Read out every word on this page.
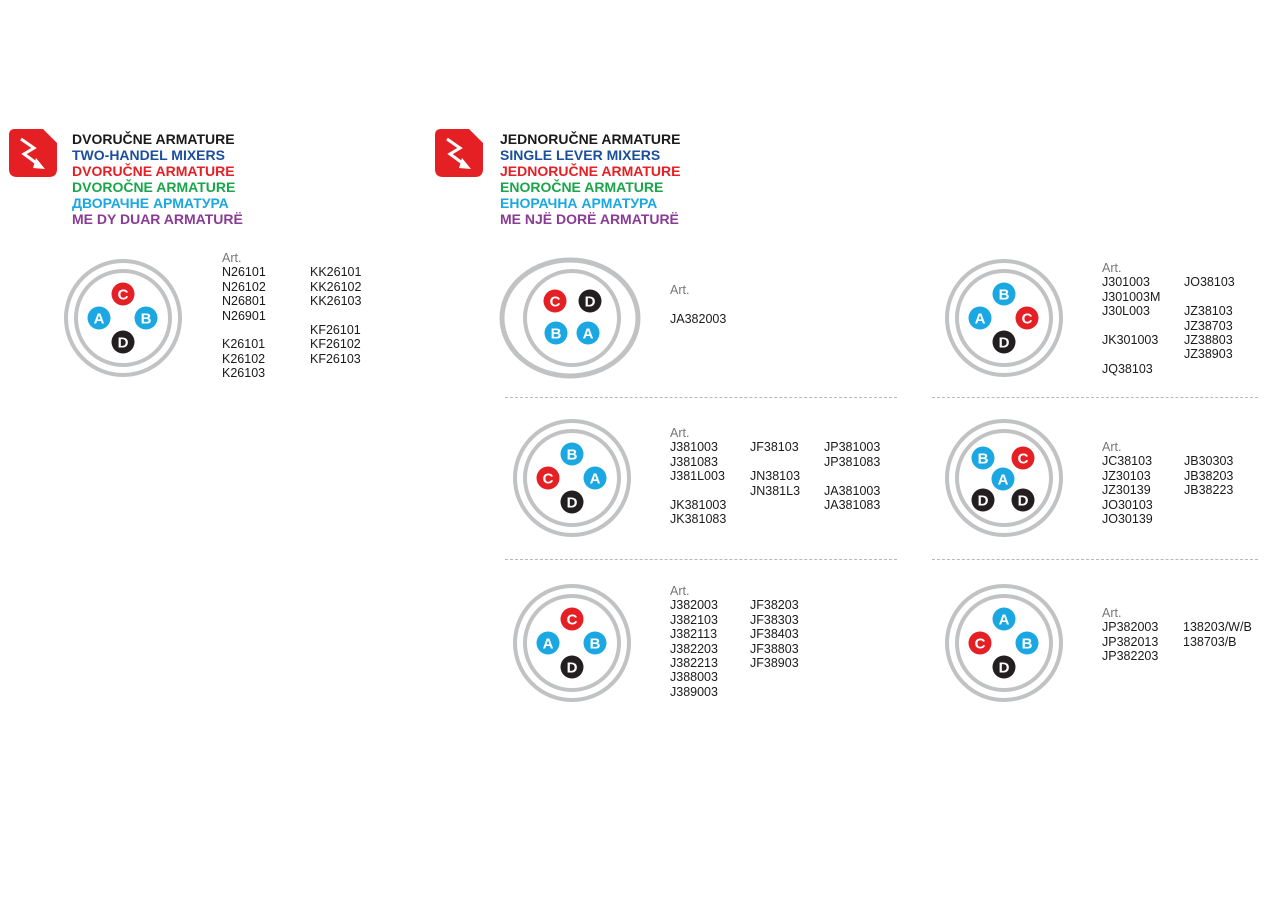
DVORUČNE ARMATURE
TWO-HANDEL MIXERS
DVORUČNE ARMATURE
DVOROČNE ARMATURE
ДВОРАЧНЕ АРМАТУРА
ME DY DUAR ARMATURË
JEDNORUČNE ARMATURE
SINGLE LEVER MIXERS
JEDNORUČNE ARMATURE
ENOROČNE ARMATURE
ЕНОРАЧНА АРМАТУРА
ME NJË DORË ARMATURË
C
A B
D
C D
B A
B
C A
D
C
A B
D
B
A C
D
B C
A
D D
A
C B
D
Art.
N26101
N26102
N26801
N26901
K26101
K26102
K26103
KK26101
KK26102
KK26103
KF26101
KF26102
KF26103
Art.
JA382003
Art.
J381003
J381083
J381L003
JK381003
JK381083
JF38103
JN38103
JN381L3
JP381003
JP381083
JA381003
JA381083
Art.
J382003
J382103
J382113
J382203
J382213
J388003
J389003
JF38203
JF38303
JF38403
JF38803
JF38903
Art.
J301003
J301003M
J30L003
JK301003
JQ38103
JO38103
JZ38103
JZ38703
JZ38803
JZ38903
Art.
JC38103
JZ30103
JZ30139
JO30103
JO30139
JB30303
JB38203
JB38223
Art.
JP382003
JP382013
JP382203
138203/W/B
138703/B
